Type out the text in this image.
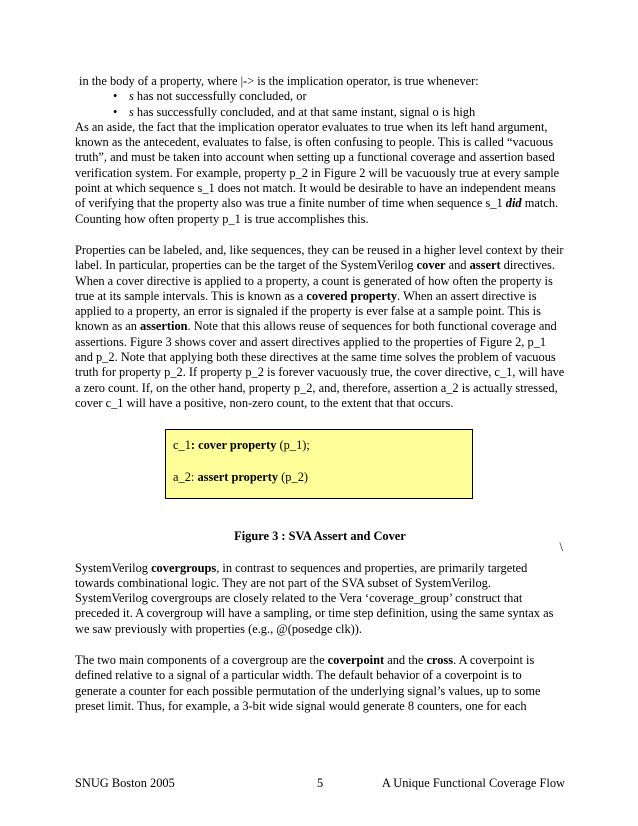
in the body of a property, where |-> is the implication operator, is true whenever:

• s has not successfully concluded, or
• s has successfully concluded, and at that same instant, signal o is high

As an aside, the fact that the implication operator evaluates to true when its left hand argument, known as the antecedent, evaluates to false, is often confusing to people. This is called “vacuous truth”, and must be taken into account when setting up a functional coverage and assertion based verification system. For example, property p_2 in Figure 2 will be vacuously true at every sample point at which sequence s_1 does not match. It would be desirable to have an independent means of verifying that the property also was true a finite number of time when sequence s_1 did match. Counting how often property p_1 is true accomplishes this.

Properties can be labeled, and, like sequences, they can be reused in a higher level context by their label. In particular, properties can be the target of the SystemVerilog cover and assert directives. When a cover directive is applied to a property, a count is generated of how often the property is true at its sample intervals. This is known as a covered property. When an assert directive is applied to a property, an error is signaled if the property is ever false at a sample point. This is known as an assertion. Note that this allows reuse of sequences for both functional coverage and assertions. Figure 3 shows cover and assert directives applied to the properties of Figure 2, p_1 and p_2. Note that applying both these directives at the same time solves the problem of vacuous truth for property p_2. If property p_2 is forever vacuously true, the cover directive, c_1, will have a zero count. If, on the other hand, property p_2, and, therefore, assertion a_2 is actually stressed, cover c_1 will have a positive, non-zero count, to the extent that that occurs.

c_1: cover property (p_1);
a_2: assert property (p_2)

Figure 3 : SVA Assert and Cover

SystemVerilog covergroups, in contrast to sequences and properties, are primarily targeted towards combinational logic. They are not part of the SVA subset of SystemVerilog. SystemVerilog covergroups are closely related to the Vera ‘coverage_group’ construct that preceded it. A covergroup will have a sampling, or time step definition, using the same syntax as we saw previously with properties (e.g., @(posedge clk)).

The two main components of a covergroup are the coverpoint and the cross. A coverpoint is defined relative to a signal of a particular width. The default behavior of a coverpoint is to generate a counter for each possible permutation of the underlying signal’s values, up to some preset limit. Thus, for example, a 3-bit wide signal would generate 8 counters, one for each

\
SNUG Boston 2005	5	A Unique Functional Coverage Flow
